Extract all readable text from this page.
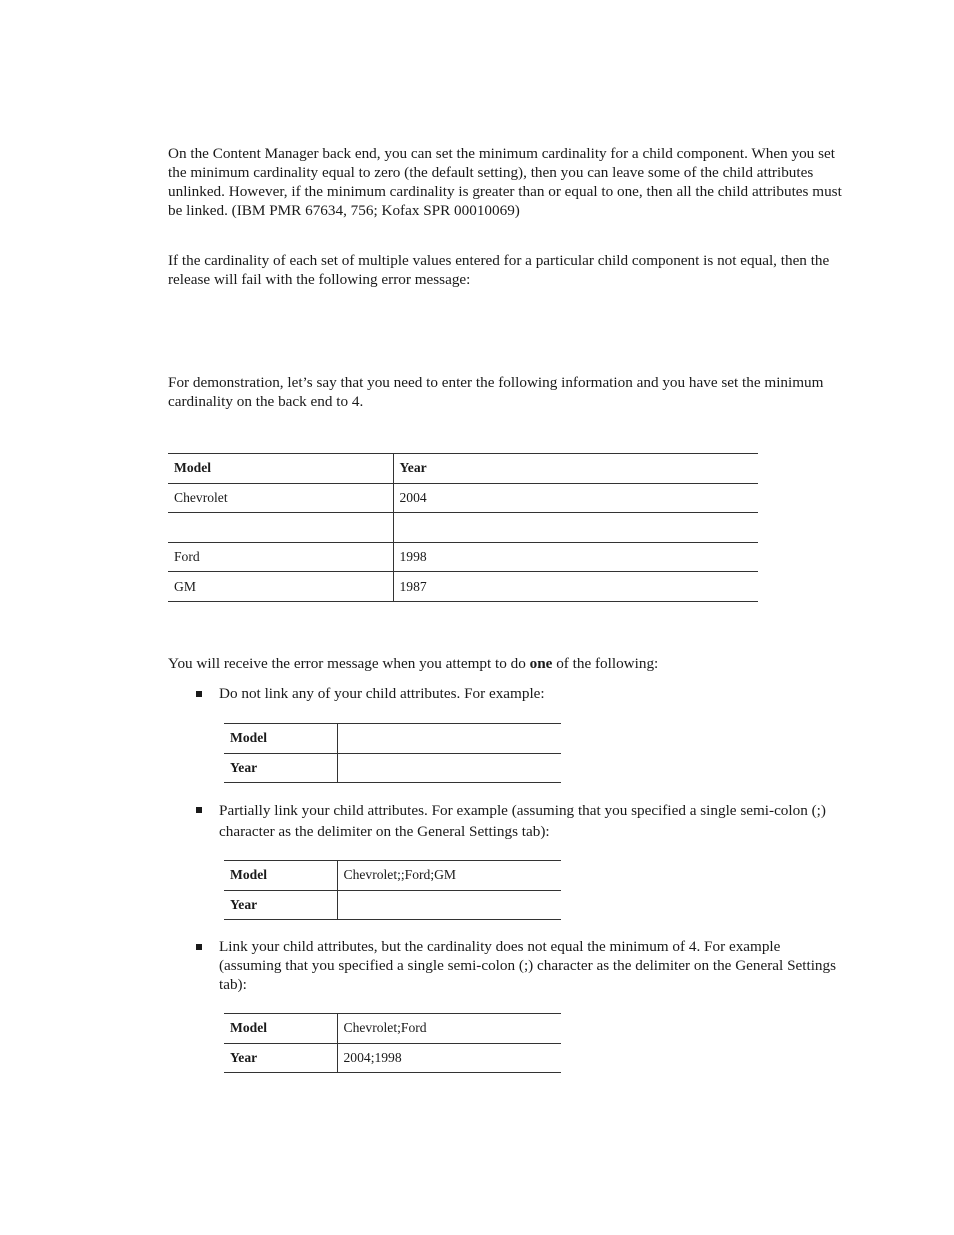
On the Content Manager back end, you can set the minimum cardinality for a child component. When you set the minimum cardinality equal to zero (the default setting), then you can leave some of the child attributes unlinked. However, if the minimum cardinality is greater than or equal to one, then all the child attributes must be linked. (IBM PMR 67634, 756; Kofax SPR 00010069)

If the cardinality of each set of multiple values entered for a particular child component is not equal, then the release will fail with the following error message:

For demonstration, let’s say that you need to enter the following information and you have set the minimum cardinality on the back end to 4.

Model	Year
Chevrolet	2004

Ford	1998
GM	1987

You will receive the error message when you attempt to do one of the following:

Do not link any of your child attributes. For example:
Model	
Year	
Partially link your child attributes. For example (assuming that you specified a single semi-colon (;) character as the delimiter on the General Settings tab):
Model	Chevrolet;;Ford;GM
Year	
Link your child attributes, but the cardinality does not equal the minimum of 4. For example (assuming that you specified a single semi-colon (;) character as the delimiter on the General Settings tab):
Model	Chevrolet;Ford
Year	2004;1998
